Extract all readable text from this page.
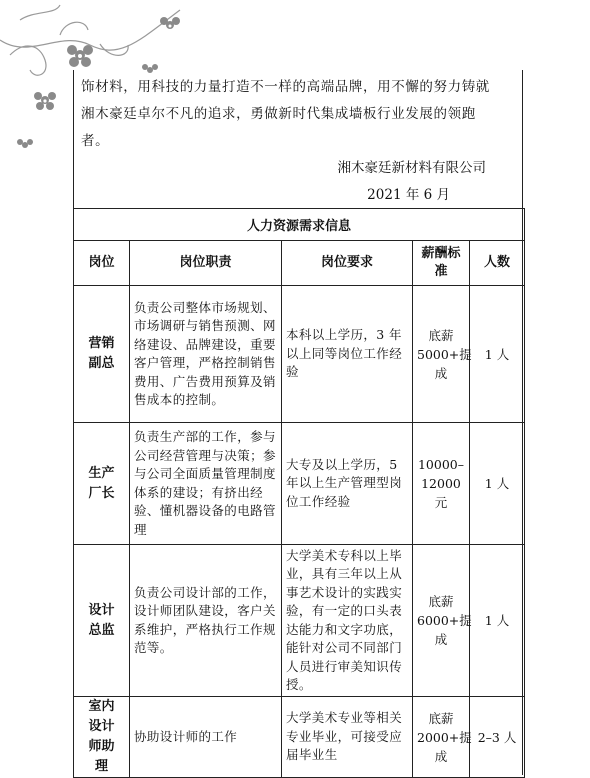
饰材料，用科技的力量打造不一样的高端品牌，用不懈的努力铸就

湘木豪廷卓尔不凡的追求，勇做新时代集成墙板行业发展的领跑

者。

湘木豪廷新材料有限公司
2021 年 6 月
人力资源需求信息				
岗位	岗位职责	岗位要求	薪酬标准	人数
营销副总	负责公司整体市场规划、市场调研与销售预测、网络建设、品牌建设，重要客户管理，严格控制销售费用、广告费用预算及销售成本的控制。	本科以上学历，3 年以上同等岗位工作经验	底薪5000+提成	1 人
生产厂长	负责生产部的工作，参与公司经营管理与决策；参与公司全面质量管理制度体系的建设；有挤出经验、懂机器设备的电路管理	大专及以上学历，5 年以上生产管理型岗位工作经验	10000–12000元	1 人
设计总监	负责公司设计部的工作，设计师团队建设，客户关系维护，严格执行工作规范等。	大学美术专科以上毕业，具有三年以上从事艺术设计的实践实验，有一定的口头表达能力和文字功底，能针对公司不同部门人员进行审美知识传授。	底薪6000+提成	1 人
室内设计师助理	协助设计师的工作	大学美术专业等相关专业毕业，可接受应届毕业生	底薪2000+提成	2–3 人
